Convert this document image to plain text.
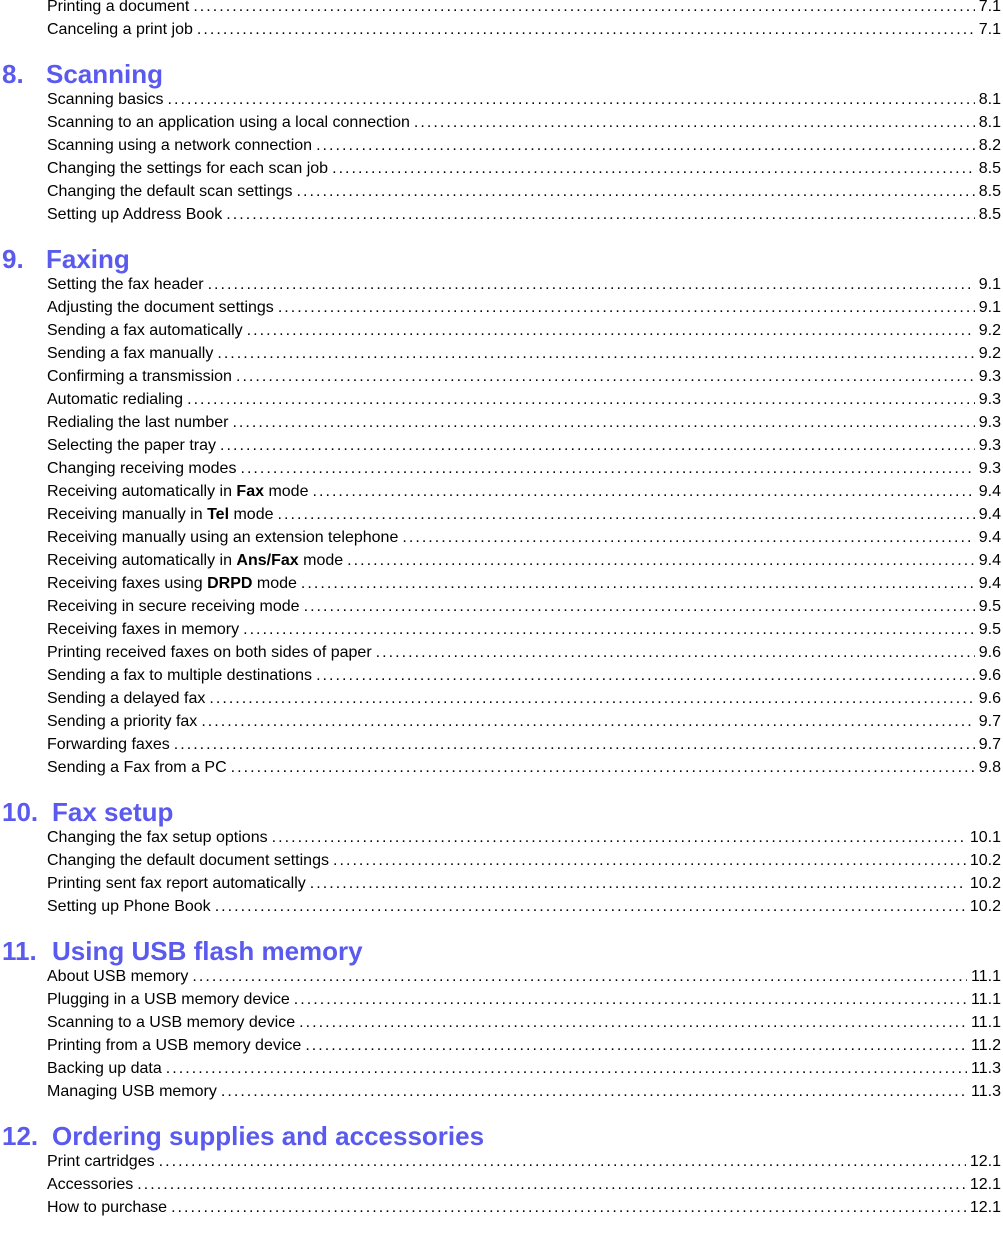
Printing a document . . .	7.1
Canceling a print job . . .	7.1
8. Scanning
Scanning basics . . .	8.1
Scanning to an application using a local connection . . .	8.1
Scanning using a network connection . . .	8.2
Changing the settings for each scan job . . .	8.5
Changing the default scan settings . . .	8.5
Setting up Address Book . . .	8.5
9. Faxing
Setting the fax header . . .	9.1
Adjusting the document settings . . .	9.1
Sending a fax automatically . . .	9.2
Sending a fax manually . . .	9.2
Confirming a transmission . . .	9.3
Automatic redialing . . .	9.3
Redialing the last number . . .	9.3
Selecting the paper tray . . .	9.3
Changing receiving modes . . .	9.3
Receiving automatically in Fax mode . . .	9.4
Receiving manually in Tel mode . . .	9.4
Receiving manually using an extension telephone . . .	9.4
Receiving automatically in Ans/Fax mode . . .	9.4
Receiving faxes using DRPD mode . . .	9.4
Receiving in secure receiving mode . . .	9.5
Receiving faxes in memory . . .	9.5
Printing received faxes on both sides of paper . . .	9.6
Sending a fax to multiple destinations . . .	9.6
Sending a delayed fax . . .	9.6
Sending a priority fax . . .	9.7
Forwarding faxes . . .	9.7
Sending a Fax from a PC . . .	9.8
10. Fax setup
Changing the fax setup options . . .	10.1
Changing the default document settings . . .	10.2
Printing sent fax report automatically . . .	10.2
Setting up Phone Book . . .	10.2
11. Using USB flash memory
About USB memory . . .	11.1
Plugging in a USB memory device . . .	11.1
Scanning to a USB memory device . . .	11.1
Printing from a USB memory device . . .	11.2
Backing up data . . .	11.3
Managing USB memory . . .	11.3
12. Ordering supplies and accessories
Print cartridges . . .	12.1
Accessories . . .	12.1
How to purchase . . .	12.1
